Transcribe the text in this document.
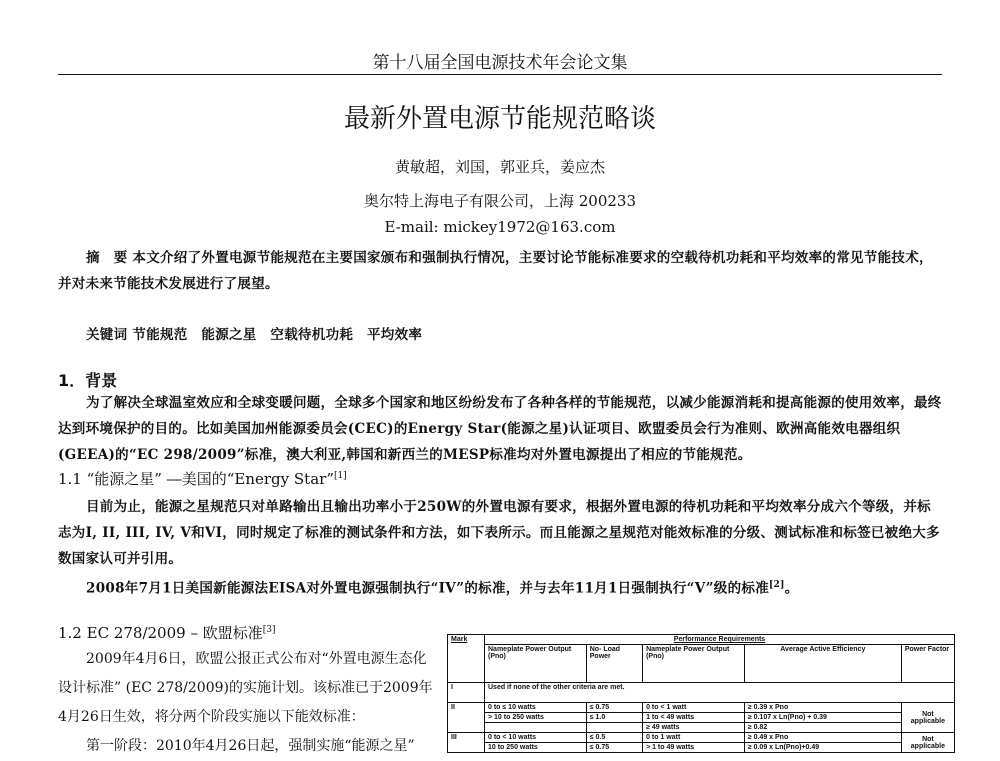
第十八届全国电源技术年会论文集
最新外置电源节能规范略谈
黄敏超，刘国，郭亚兵，姜应杰
奥尔特上海电子有限公司，上海 200233
E-mail: mickey1972@163.com
摘　要 本文介绍了外置电源节能规范在主要国家颁布和强制执行情况，主要讨论节能标准要求的空载待机功耗和平均效率的常见节能技术，并对未来节能技术发展进行了展望。
关键词 节能规范　能源之星　空载待机功耗　平均效率
1．背景
为了解决全球温室效应和全球变暖问题，全球多个国家和地区纷纷发布了各种各样的节能规范，以减少能源消耗和提高能源的使用效率，最终达到环境保护的目的。比如美国加州能源委员会(CEC)的Energy Star(能源之星)认证项目、欧盟委员会行为准则、欧洲高能效电器组织(GEEA)的“EC 298/2009”标准，澳大利亚,韩国和新西兰的MESP标准均对外置电源提出了相应的节能规范。
1.1 “能源之星” ―美国的“Energy Star”[1]
目前为止，能源之星规范只对单路输出且输出功率小于250W的外置电源有要求，根据外置电源的待机功耗和平均效率分成六个等级，并标志为I, II, III, IV, V和VI，同时规定了标准的测试条件和方法，如下表所示。而且能源之星规范对能效标准的分级、测试标准和标签已被绝大多数国家认可并引用。
2008年7月1日美国新能源法EISA对外置电源强制执行“IV”的标准，并与去年11月1日强制执行“V”级的标准[2]。
1.2 EC 278/2009 – 欧盟标准[3]
2009年4月6日，欧盟公报正式公布对“外置电源生态化设计标准” (EC 278/2009)的实施计划。该标准已于2009年4月26日生效，将分两个阶段实施以下能效标准：
第一阶段：2010年4月26日起，强制实施“能源之星”
Mark	Performance Requirements				
	Nameplate Power Output (Pno)	No- Load Power	Nameplate Power Output (Pno)	Average Active Efficiency	Power Factor
I	Used if none of the other criteria are met.				
II	0 to ≤ 10 watts	≤ 0.75	0 to < 1 watt	≥ 0.39 x Pno	Not applicable
	> 10 to 250 watts	≤ 1.0	1 to < 49 watts	≥ 0.107 x Ln(Pno) + 0.39	
			≥ 49 watts	≥ 0.82	
III	0 to < 10 watts	≤ 0.5	0 to 1 watt	≥ 0.49 x Pno	Not applicable
	10 to 250 watts	≤ 0.75	> 1 to 49 watts	≥ 0.09 x Ln(Pno)+0.49	
